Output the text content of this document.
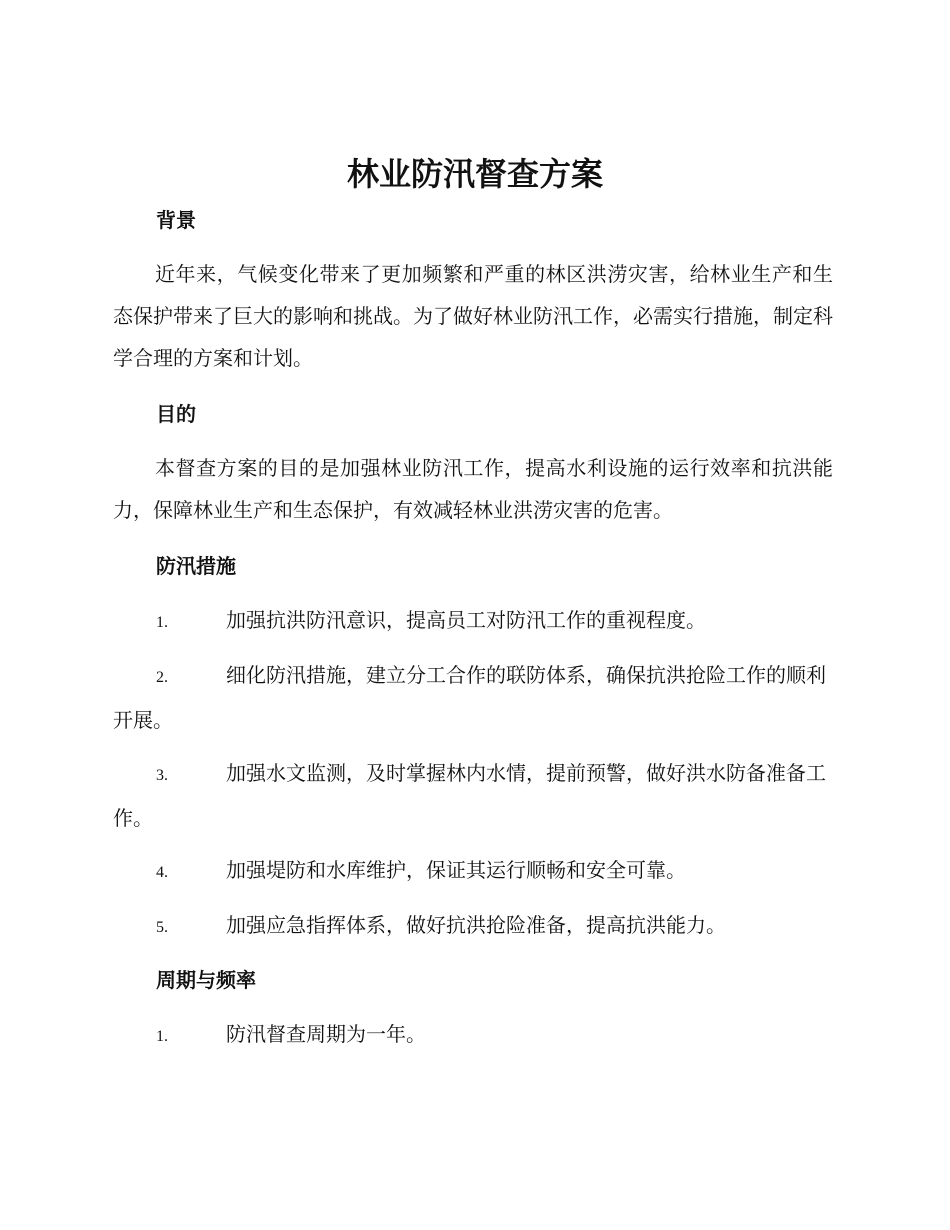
林业防汛督查方案
背景

近年来，气候变化带来了更加频繁和严重的林区洪涝灾害，给林业生产和生态保护带来了巨大的影响和挑战。为了做好林业防汛工作，必需实行措施，制定科学合理的方案和计划。

目的

本督查方案的目的是加强林业防汛工作，提高水利设施的运行效率和抗洪能力，保障林业生产和生态保护，有效减轻林业洪涝灾害的危害。

防汛措施

1.	加强抗洪防汛意识，提高员工对防汛工作的重视程度。

2.	细化防汛措施，建立分工合作的联防体系，确保抗洪抢险工作的顺利开展。

3.	加强水文监测，及时掌握林内水情，提前预警，做好洪水防备准备工作。

4.	加强堤防和水库维护，保证其运行顺畅和安全可靠。

5.	加强应急指挥体系，做好抗洪抢险准备，提高抗洪能力。

周期与频率

1.	防汛督查周期为一年。
